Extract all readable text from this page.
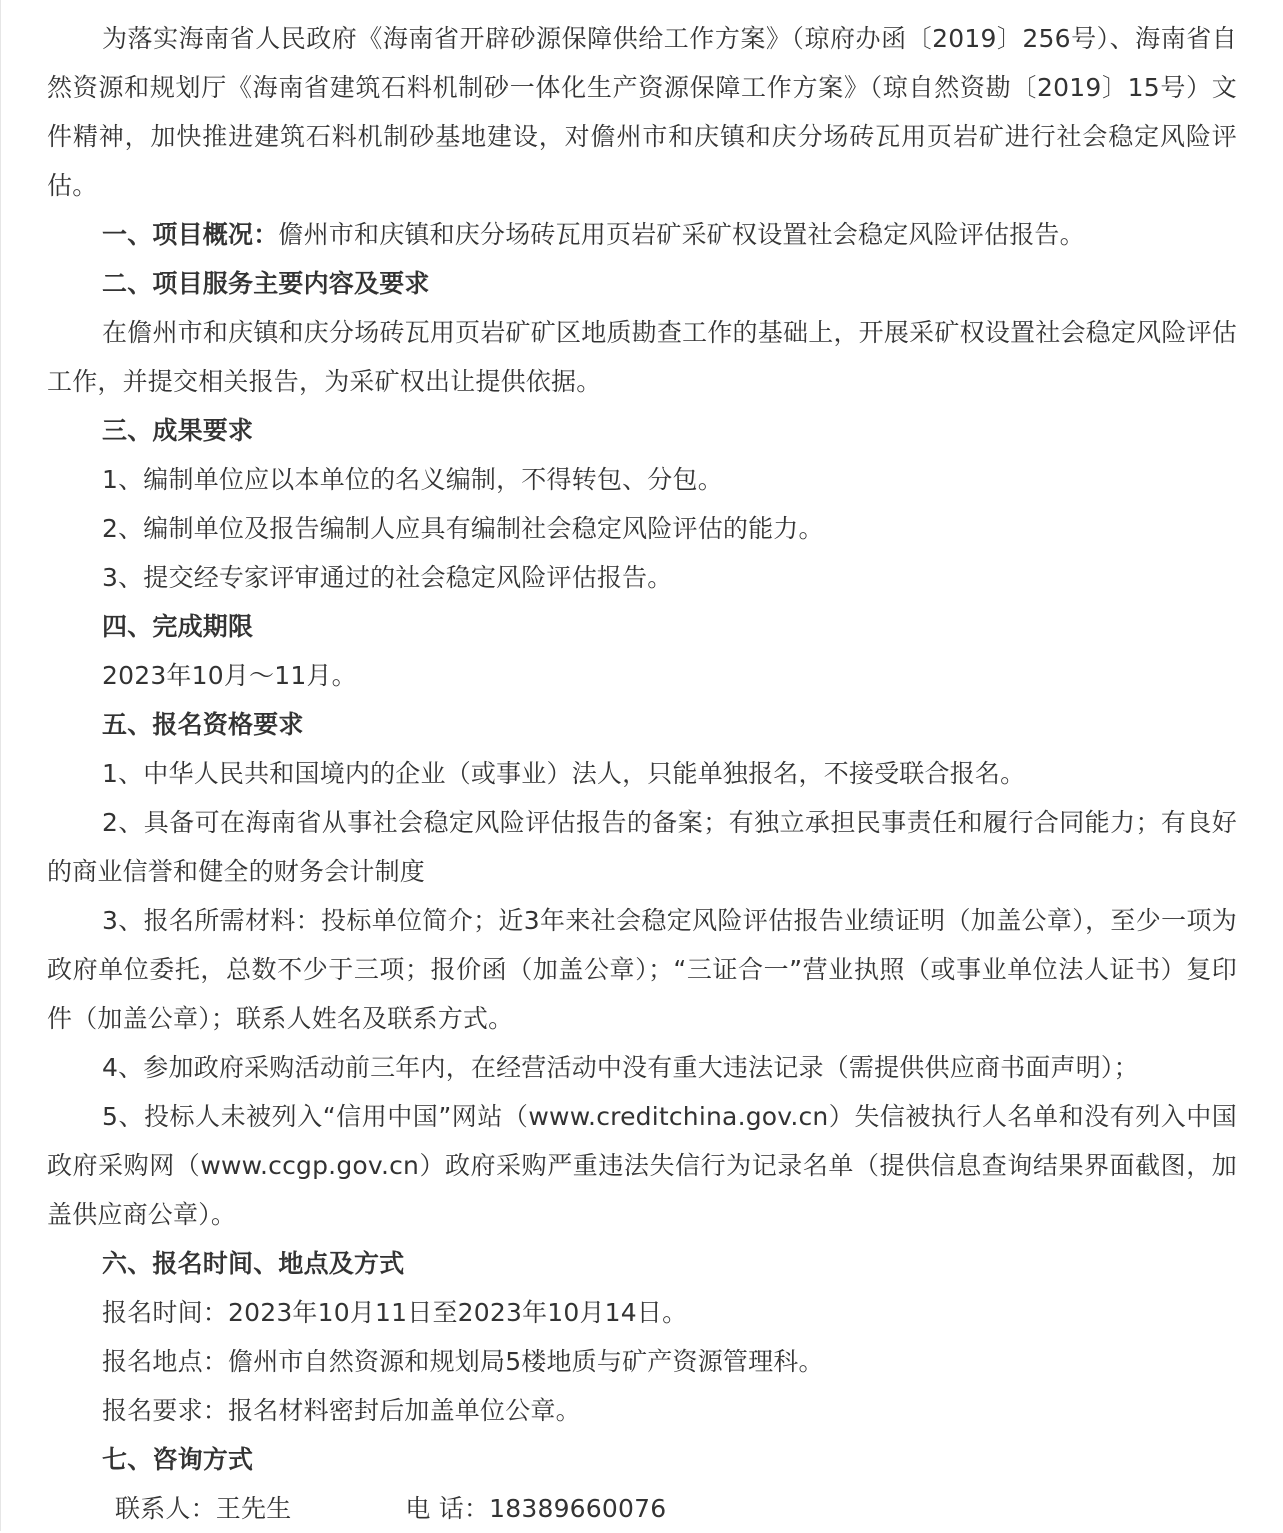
为落实海南省人民政府《海南省开辟砂源保障供给工作方案》（琼府办函〔2019〕256号）、海南省自然资源和规划厅《海南省建筑石料机制砂一体化生产资源保障工作方案》（琼自然资勘〔2019〕15号）文件精神，加快推进建筑石料机制砂基地建设，对儋州市和庆镇和庆分场砖瓦用页岩矿进行社会稳定风险评估。

一、项目概况：儋州市和庆镇和庆分场砖瓦用页岩矿采矿权设置社会稳定风险评估报告。

二、项目服务主要内容及要求

在儋州市和庆镇和庆分场砖瓦用页岩矿矿区地质勘查工作的基础上，开展采矿权设置社会稳定风险评估工作，并提交相关报告，为采矿权出让提供依据。

三、成果要求

1、编制单位应以本单位的名义编制，不得转包、分包。

2、编制单位及报告编制人应具有编制社会稳定风险评估的能力。

3、提交经专家评审通过的社会稳定风险评估报告。

四、完成期限

2023年10月～11月。

五、报名资格要求

1、中华人民共和国境内的企业（或事业）法人，只能单独报名，不接受联合报名。

2、具备可在海南省从事社会稳定风险评估报告的备案；有独立承担民事责任和履行合同能力；有良好的商业信誉和健全的财务会计制度

3、报名所需材料：投标单位简介；近3年来社会稳定风险评估报告业绩证明（加盖公章），至少一项为政府单位委托，总数不少于三项；报价函（加盖公章）；“三证合一”营业执照（或事业单位法人证书）复印件（加盖公章）；联系人姓名及联系方式。

4、参加政府采购活动前三年内，在经营活动中没有重大违法记录（需提供供应商书面声明）；

5、投标人未被列入“信用中国”网站（www.creditchina.gov.cn）失信被执行人名单和没有列入中国政府采购网（www.ccgp.gov.cn）政府采购严重违法失信行为记录名单（提供信息查询结果界面截图，加盖供应商公章）。

六、报名时间、地点及方式

报名时间：2023年10月11日至2023年10月14日。

报名地点：儋州市自然资源和规划局5楼地质与矿产资源管理科。

报名要求：报名材料密封后加盖单位公章。

七、咨询方式

联系人：王先生	电 话：18389660076
